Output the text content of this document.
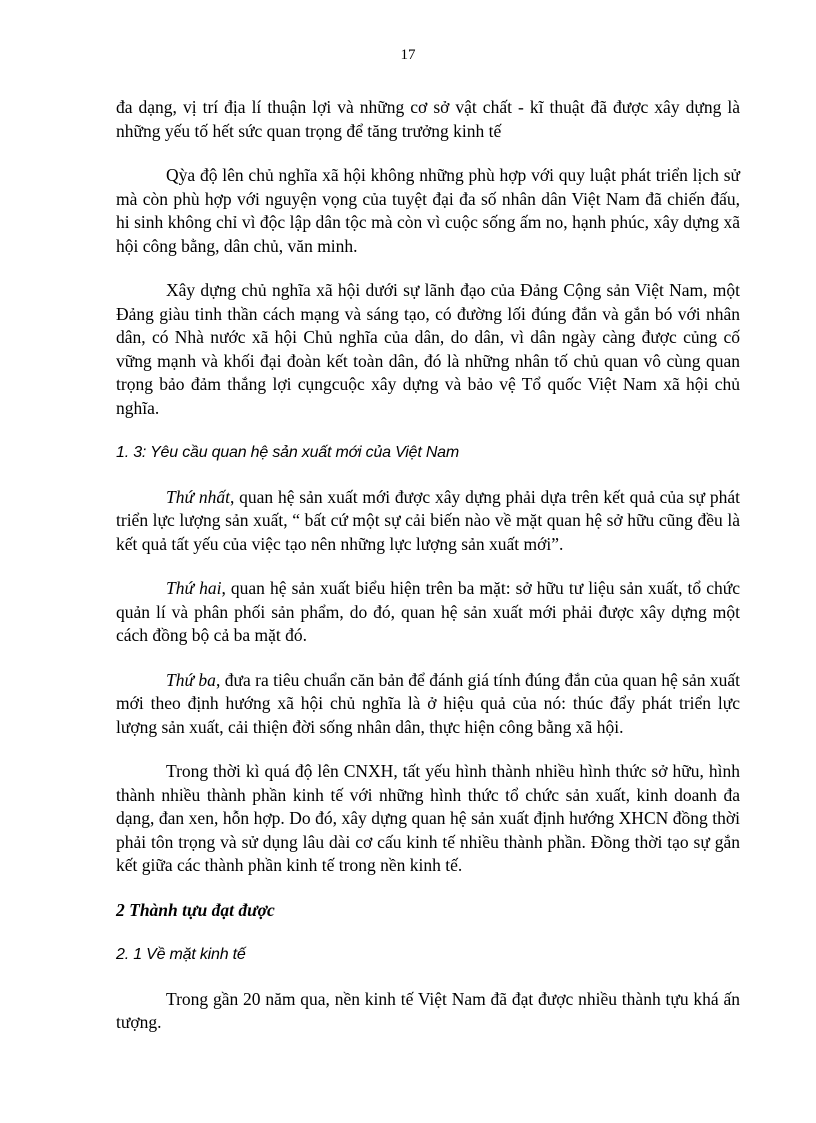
17

đa dạng, vị trí địa lí thuận lợi và những cơ sở vật chất - kĩ thuật đã được xây dựng là những yếu tố hết sức quan trọng để tăng trưởng kinh tế

Qỳa độ lên chủ nghĩa xã hội không những phù hợp với quy luật phát triển lịch sử mà còn phù hợp với nguyện vọng của tuyệt đại đa số nhân dân Việt Nam đã chiến đấu, hi sinh không chỉ vì độc lập dân tộc mà còn vì cuộc sống ấm no, hạnh phúc, xây dựng xã hội công bằng, dân chủ, văn minh.

Xây dựng chủ nghĩa xã hội dưới sự lãnh đạo của Đảng Cộng sản Việt Nam, một Đảng giàu tinh thần cách mạng và sáng tạo, có đường lối đúng đắn và gắn bó với nhân dân, có Nhà nước xã hội Chủ nghĩa của dân, do dân, vì dân ngày càng được củng cố vững mạnh và khối đại đoàn kết toàn dân, đó là những nhân tố chủ quan vô cùng quan trọng bảo đảm thắng lợi cụngcuộc xây dựng và bảo vệ Tổ quốc Việt Nam xã hội chủ nghĩa.

1. 3: Yêu cầu quan hệ sản xuất mới của Việt Nam

Thứ nhất, quan hệ sản xuất mới được xây dựng phải dựa trên kết quả của sự phát triển lực lượng sản xuất, “ bất cứ một sự cải biến nào về mặt quan hệ sở hữu cũng đều là kết quả tất yếu của việc tạo nên những lực lượng sản xuất mới”.

Thứ hai, quan hệ sản xuất biểu hiện trên ba mặt: sở hữu tư liệu sản xuất, tổ chức quản lí và phân phối sản phẩm, do đó, quan hệ sản xuất mới phải được xây dựng một cách đồng bộ cả ba mặt đó.

Thứ ba, đưa ra tiêu chuẩn căn bản để đánh giá tính đúng đắn của quan hệ sản xuất mới theo định hướng xã hội chủ nghĩa là ở hiệu quả của nó: thúc đẩy phát triển lực lượng sản xuất, cải thiện đời sống nhân dân, thực hiện công bằng xã hội.

Trong thời kì quá độ lên CNXH, tất yếu hình thành nhiều hình thức sở hữu, hình thành nhiều thành phần kinh tế với những hình thức tổ chức sản xuất, kinh doanh đa dạng, đan xen, hỗn hợp. Do đó, xây dựng quan hệ sản xuất định hướng XHCN đồng thời phải tôn trọng và sử dụng lâu dài cơ cấu kinh tế nhiều thành phần. Đồng thời tạo sự gắn kết giữa các thành phần kinh tế trong nền kinh tế.

2 Thành tựu đạt được

2. 1 Về mặt kinh tế

Trong gần 20 năm qua, nền kinh tế Việt Nam đã đạt được nhiều thành tựu khá ấn tượng.
